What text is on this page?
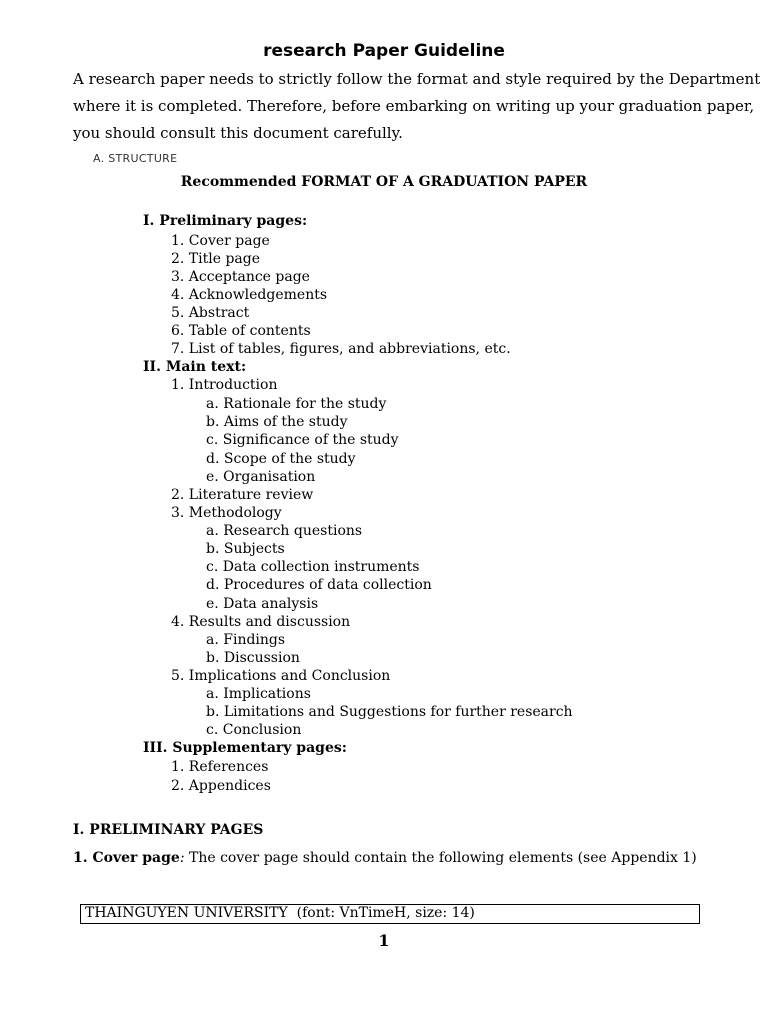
research Paper Guideline
A research paper needs to strictly follow the format and style required by the Department
where it is completed. Therefore, before embarking on writing up your graduation paper,
you should consult this document carefully.
A. STRUCTURE
Recommended FORMAT OF A GRADUATION PAPER
I. Preliminary pages:
1. Cover page
2. Title page
3. Acceptance page
4. Acknowledgements
5. Abstract
6. Table of contents
7. List of tables, figures, and abbreviations, etc.
II. Main text:
1. Introduction
a. Rationale for the study
b. Aims of the study
c. Significance of the study
d. Scope of the study
e. Organisation
2. Literature review
3. Methodology
a. Research questions
b. Subjects
c. Data collection instruments
d. Procedures of data collection
e. Data analysis
4. Results and discussion
a. Findings
b. Discussion
5. Implications and Conclusion
a. Implications
b. Limitations and Suggestions for further research
c. Conclusion
III. Supplementary pages:
1. References
2. Appendices
I. PRELIMINARY PAGES
1. Cover page: The cover page should contain the following elements (see Appendix 1)
THAINGUYEN UNIVERSITY  (font: VnTimeH, size: 14)
1
